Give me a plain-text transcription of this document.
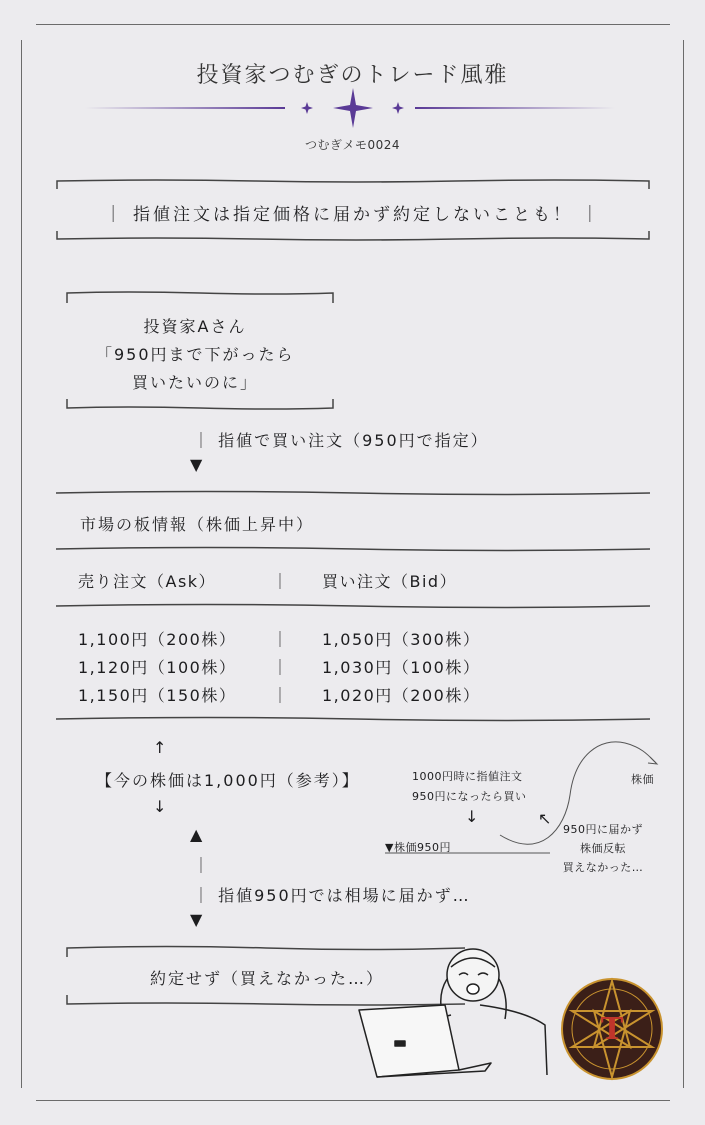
投資家つむぎのトレード風雅
つむぎメモ0024
｜ 指値注文は指定価格に届かず約定しないことも！ ｜
投資家Aさん
「950円まで下がったら
買いたいのに」
｜ 指値で買い注文（950円で指定）
▼
市場の板情報（株価上昇中）
売り注文（Ask）	｜ 買い注文（Bid）
1,100円（200株） ｜ 1,050円（300株）
1,120円（100株） ｜ 1,030円（100株）
1,150円（150株） ｜ 1,020円（200株）
↑
【今の株価は1,000円（参考）】
↓
1000円時に指値注文
950円になったら買い
↓
株価
▼株価950円
↖
950円に届かず
株価反転
買えなかった…
▲
｜
｜ 指値950円では相場に届かず…
▼
約定せず（買えなかった…）
T
